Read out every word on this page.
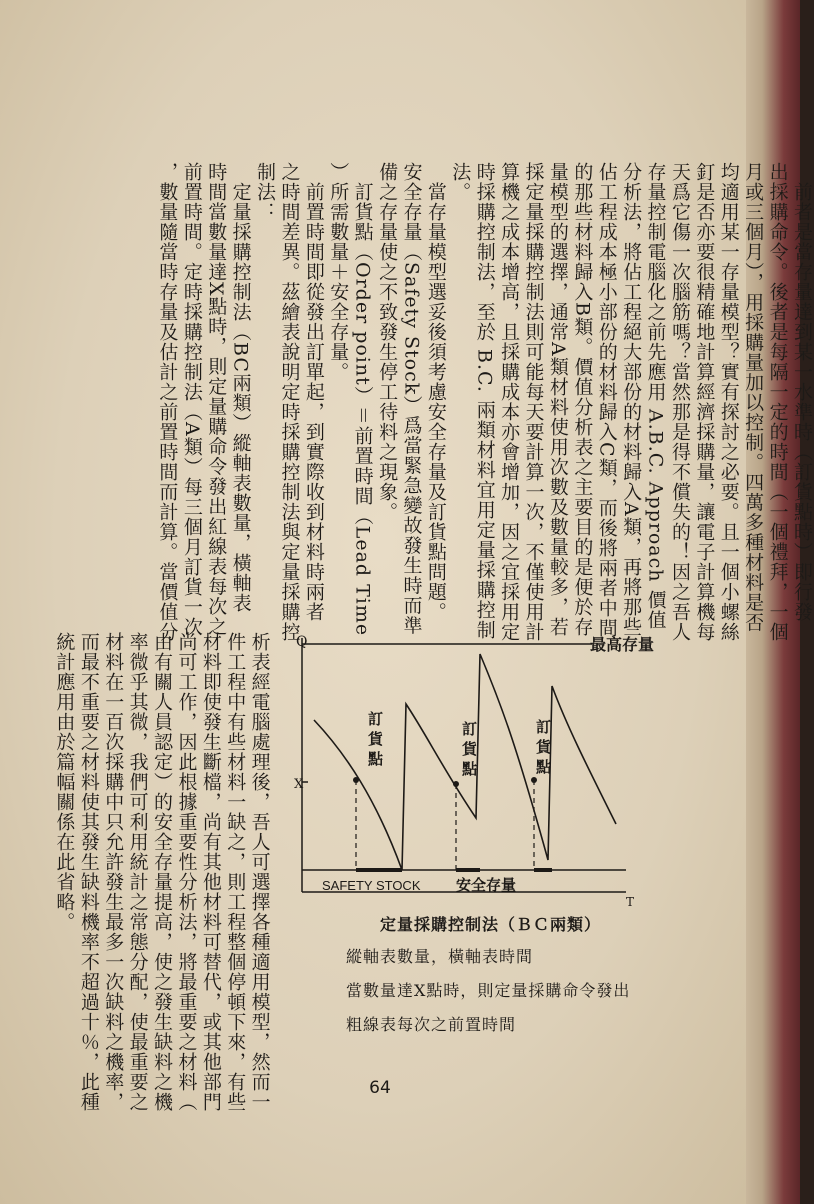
　前者是當存量達到某一水準時（訂貨點時）即行發
出採購命令。後者是每隔一定的時間（一個禮拜，一個
月或三個月），用採購量加以控制。四萬多種材料是否
均適用某一存量模型？實有探討之必要。且一個小螺絲
釘是否亦要很精確地計算經濟採購量，讓電子計算機每
天爲它傷一次腦筋嗎？當然那是得不償失的！因之吾人
存量控制電腦化之前先應用 A.B.C. Approach 價值
分析法，將佔工程絕大部份的材料歸入A類，再將那些
佔工程成本極小部份的材料歸入C類，而後將兩者中間
的那些材料歸入B類。價值分析表之主要目的是便於存
量模型的選擇，通常A類材料使用次數及數量較多，若
採定量採購控制法則可能每天要計算一次，不僅使用計
算機之成本增高，且採購成本亦會增加，因之宜採用定
時採購控制法，至於 B.C. 兩類材料宜用定量採購控制
法。
　當存量模型選妥後須考慮安全存量及訂貨點問題。
安全存量（Safety Stock）爲當緊急變故發生時而準
備之存量使之不致發生停工待料之現象。
　訂貨點（Order point）＝前置時間（Lead Time
）所需數量＋安全存量。
　前置時間即從發出訂單起，到實際收到材料時兩者
之時間差異。茲繪表說明定時採購控制法與定量採購控
制法：
　定量採購控制法（BC兩類）縱軸表數量，橫軸表
時間當數量達X點時，則定量購命令發出紅線表每次之
前置時間。定時採購控制法（A類）每三個月訂貨一次
，數量隨當時存量及估計之前置時間而計算。當價值分
析表經電腦處理後，吾人可選擇各種適用模型，然而一
件工程中有些材料一缺之，則工程整個停頓下來，有些
材料即使發生斷檔，尚有其他材料可替代，或其他部門
尚可工作，因此根據重要性分析法，將最重要之材料（
由有關人員認定）的安全存量提高，使之發生缺料之機
率微乎其微，我們可利用統計之常態分配，使最重要之
材料在一百次採購中只允許發生最多一次缺料之機率，
而最不重要之材料使其發生缺料機率不超過十％，此種
統計應用由於篇幅關係在此省略。	Q
T
最高存量
SAFETY STOCK 安全存量
X
訂貨點
訂貨點
訂貨點
定量採購控制法（ＢＣ兩類）
縱軸表數量，橫軸表時間
當數量達X點時，則定量採購命令發出
粗線表每次之前置時間
64
